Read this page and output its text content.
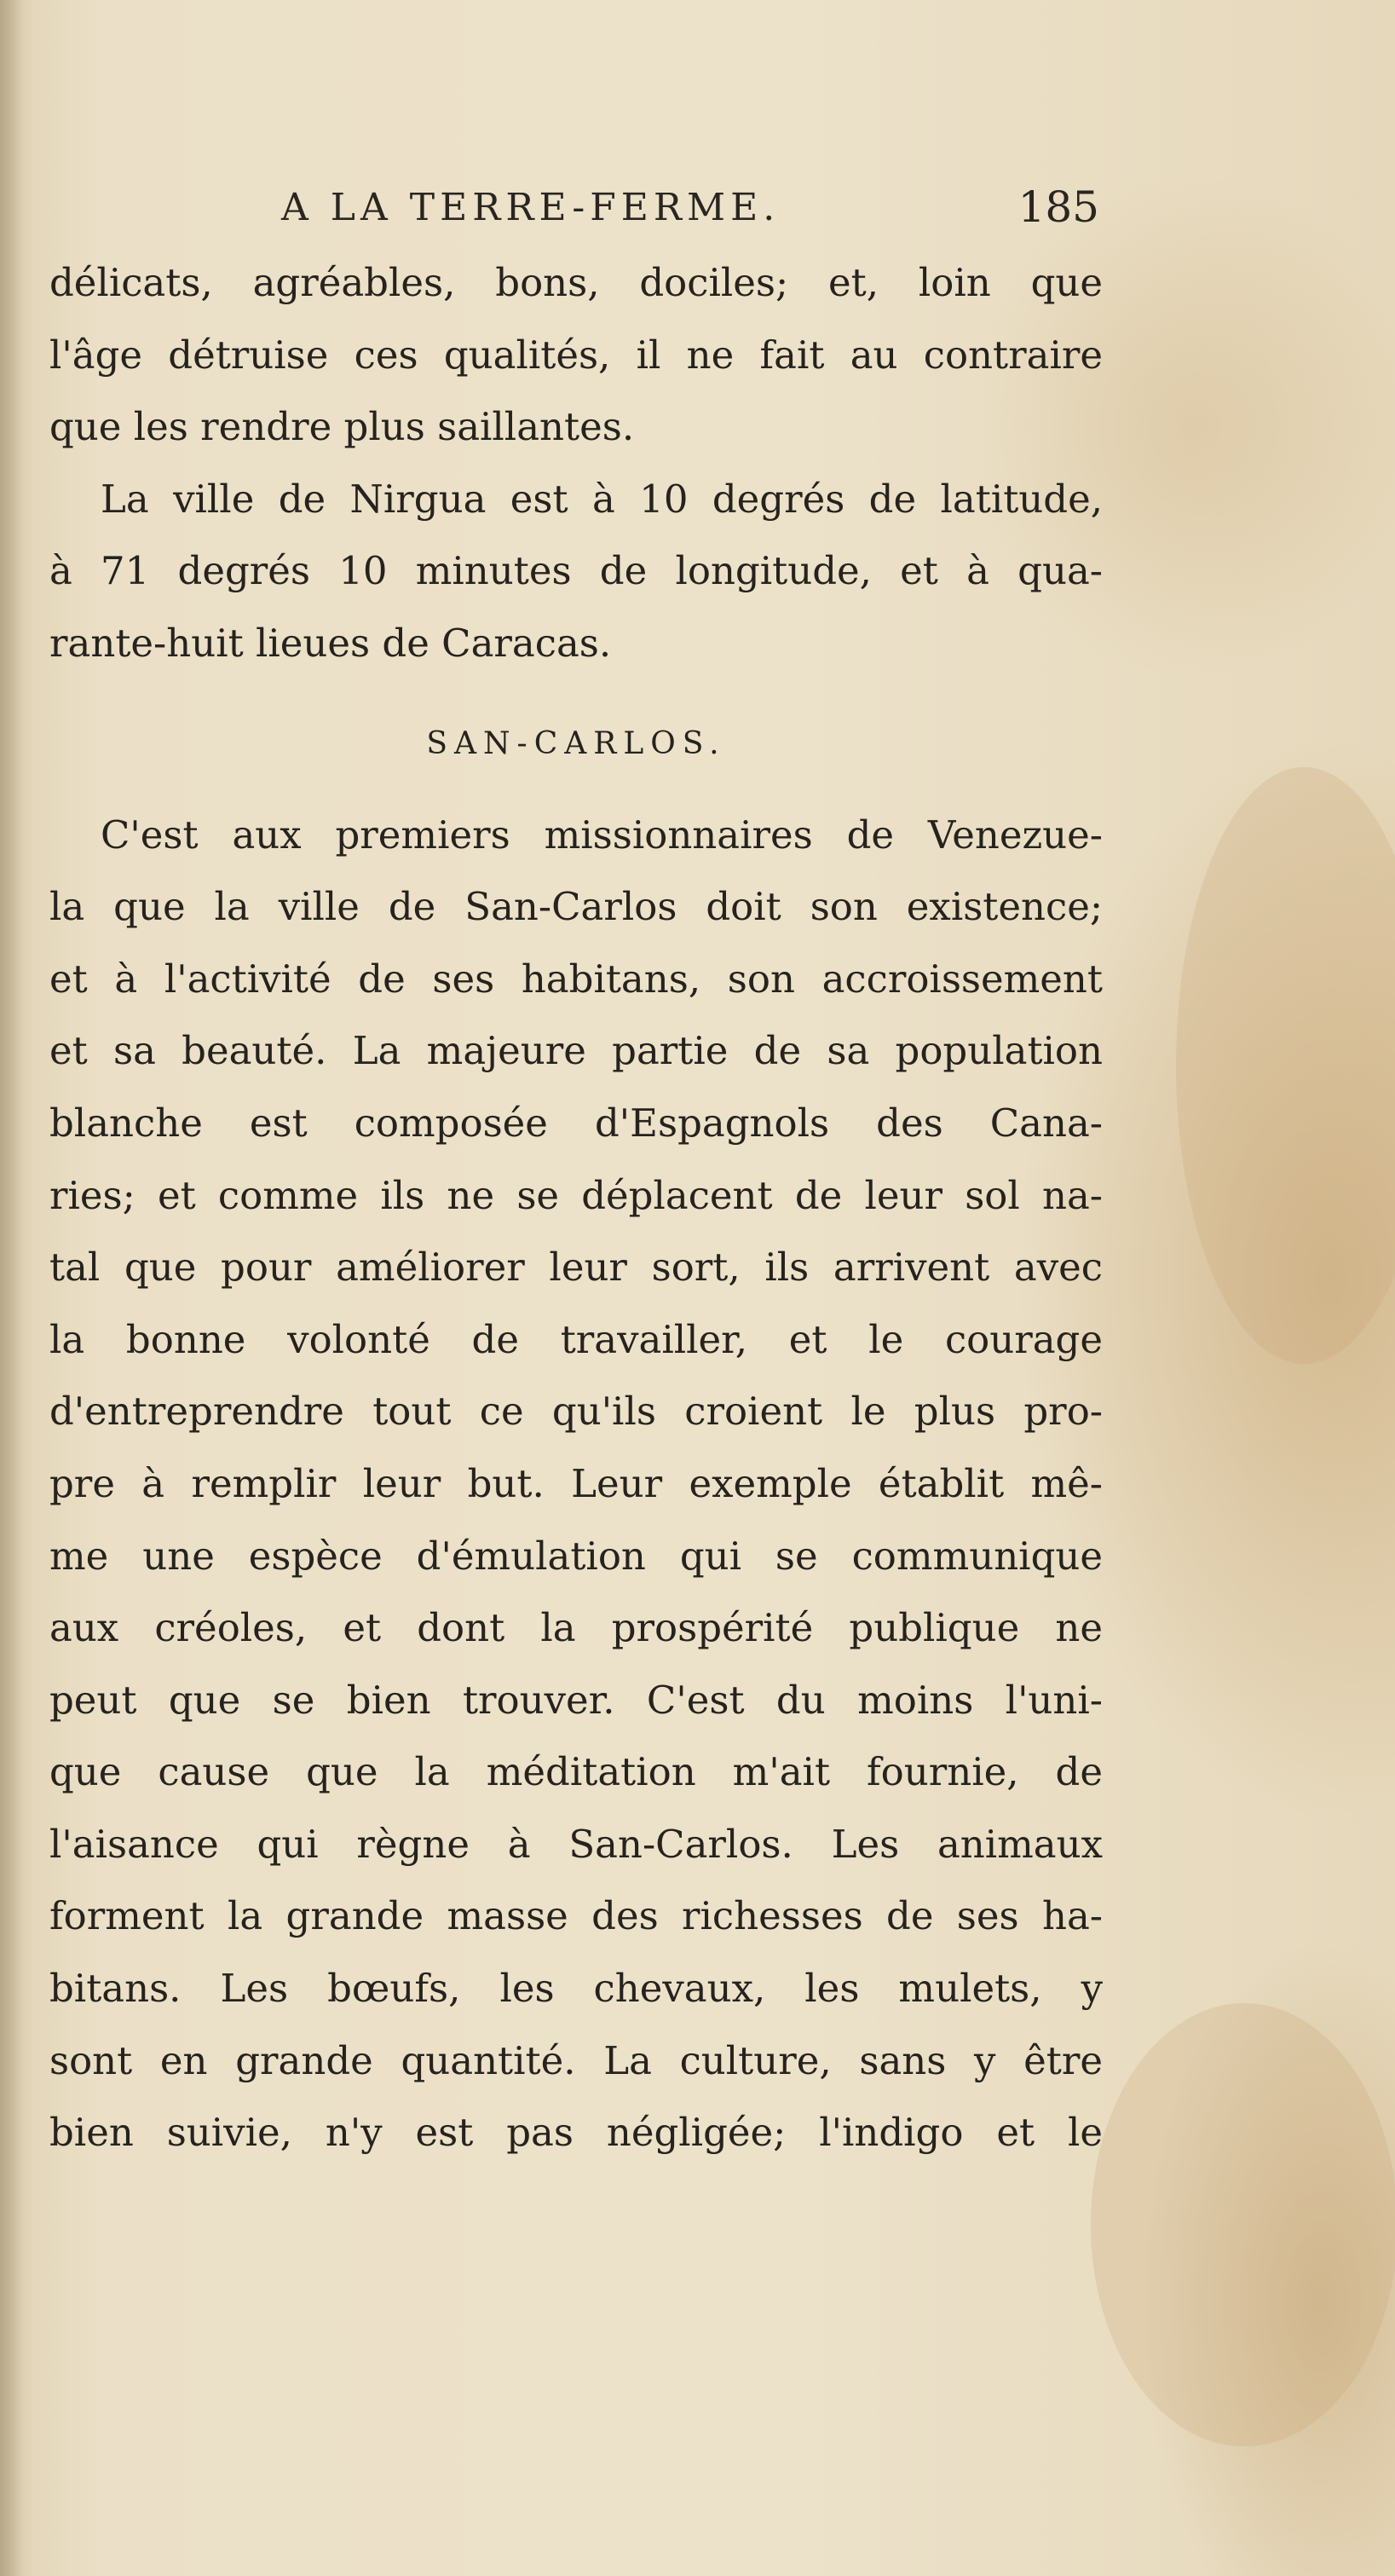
A LA TERRE-FERME.	185
délicats, agréables, bons, dociles; et, loin que
l'âge détruise ces qualités, il ne fait au contraire
que les rendre plus saillantes.
La ville de Nirgua est à 10 degrés de latitude,
à 71 degrés 10 minutes de longitude, et à qua-
rante-huit lieues de Caracas.
SAN-CARLOS.
C'est aux premiers missionnaires de Venezue-
la que la ville de San-Carlos doit son existence;
et à l'activité de ses habitans, son accroissement
et sa beauté. La majeure partie de sa population
blanche est composée d'Espagnols des Cana-
ries; et comme ils ne se déplacent de leur sol na-
tal que pour améliorer leur sort, ils arrivent avec
la bonne volonté de travailler, et le courage
d'entreprendre tout ce qu'ils croient le plus pro-
pre à remplir leur but. Leur exemple établit mê-
me une espèce d'émulation qui se communique
aux créoles, et dont la prospérité publique ne
peut que se bien trouver. C'est du moins l'uni-
que cause que la méditation m'ait fournie, de
l'aisance qui règne à San-Carlos. Les animaux
forment la grande masse des richesses de ses ha-
bitans. Les bœufs, les chevaux, les mulets, y
sont en grande quantité. La culture, sans y être
bien suivie, n'y est pas négligée; l'indigo et le
